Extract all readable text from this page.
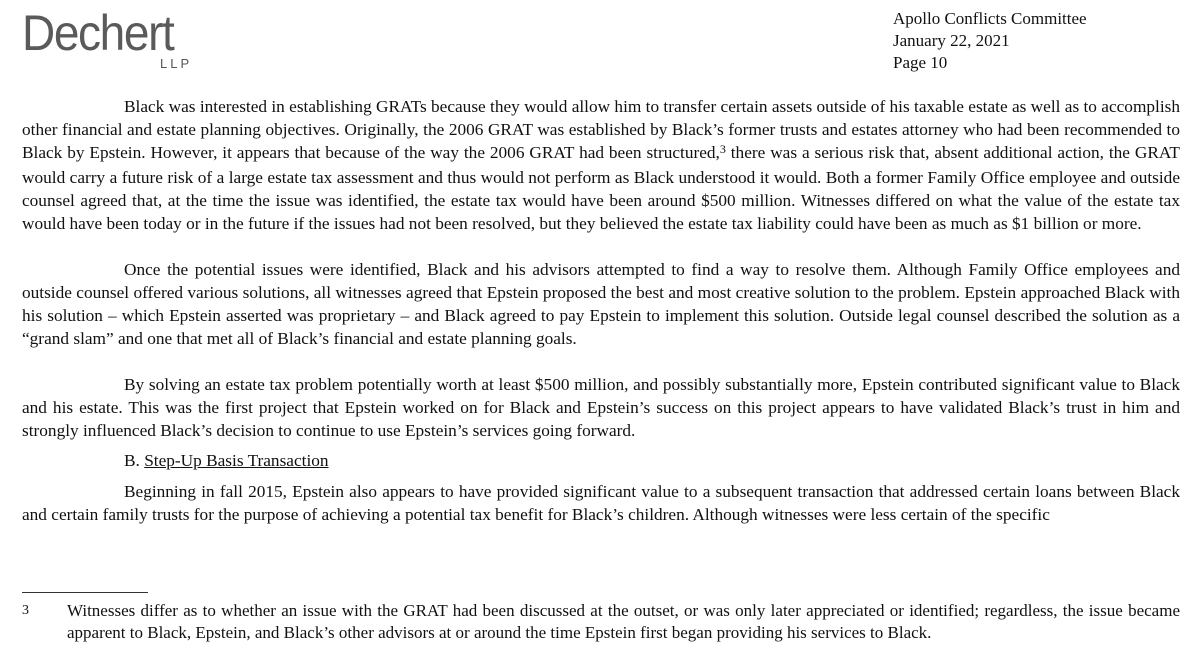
Dechert
LLP
Apollo Conflicts Committee
January 22, 2021
Page 10

Black was interested in establishing GRATs because they would allow him to transfer certain assets outside of his taxable estate as well as to accomplish other financial and estate planning objectives. Originally, the 2006 GRAT was established by Black’s former trusts and estates attorney who had been recommended to Black by Epstein. However, it appears that because of the way the 2006 GRAT had been structured,$^3$ there was a serious risk that, absent additional action, the GRAT would carry a future risk of a large estate tax assessment and thus would not perform as Black understood it would. Both a former Family Office employee and outside counsel agreed that, at the time the issue was identified, the estate tax would have been around $500 million. Witnesses differed on what the value of the estate tax would have been today or in the future if the issues had not been resolved, but they believed the estate tax liability could have been as much as $1 billion or more.

Once the potential issues were identified, Black and his advisors attempted to find a way to resolve them. Although Family Office employees and outside counsel offered various solutions, all witnesses agreed that Epstein proposed the best and most creative solution to the problem. Epstein approached Black with his solution – which Epstein asserted was proprietary – and Black agreed to pay Epstein to implement this solution. Outside legal counsel described the solution as a “grand slam” and one that met all of Black’s financial and estate planning goals.

By solving an estate tax problem potentially worth at least $500 million, and possibly substantially more, Epstein contributed significant value to Black and his estate. This was the first project that Epstein worked on for Black and Epstein’s success on this project appears to have validated Black’s trust in him and strongly influenced Black’s decision to continue to use Epstein’s services going forward.

B. Step-Up Basis Transaction

Beginning in fall 2015, Epstein also appears to have provided significant value to a subsequent transaction that addressed certain loans between Black and certain family trusts for the purpose of achieving a potential tax benefit for Black’s children. Although witnesses were less certain of the specific

3 Witnesses differ as to whether an issue with the GRAT had been discussed at the outset, or was only later appreciated or identified; regardless, the issue became apparent to Black, Epstein, and Black’s other advisors at or around the time Epstein first began providing his services to Black.
